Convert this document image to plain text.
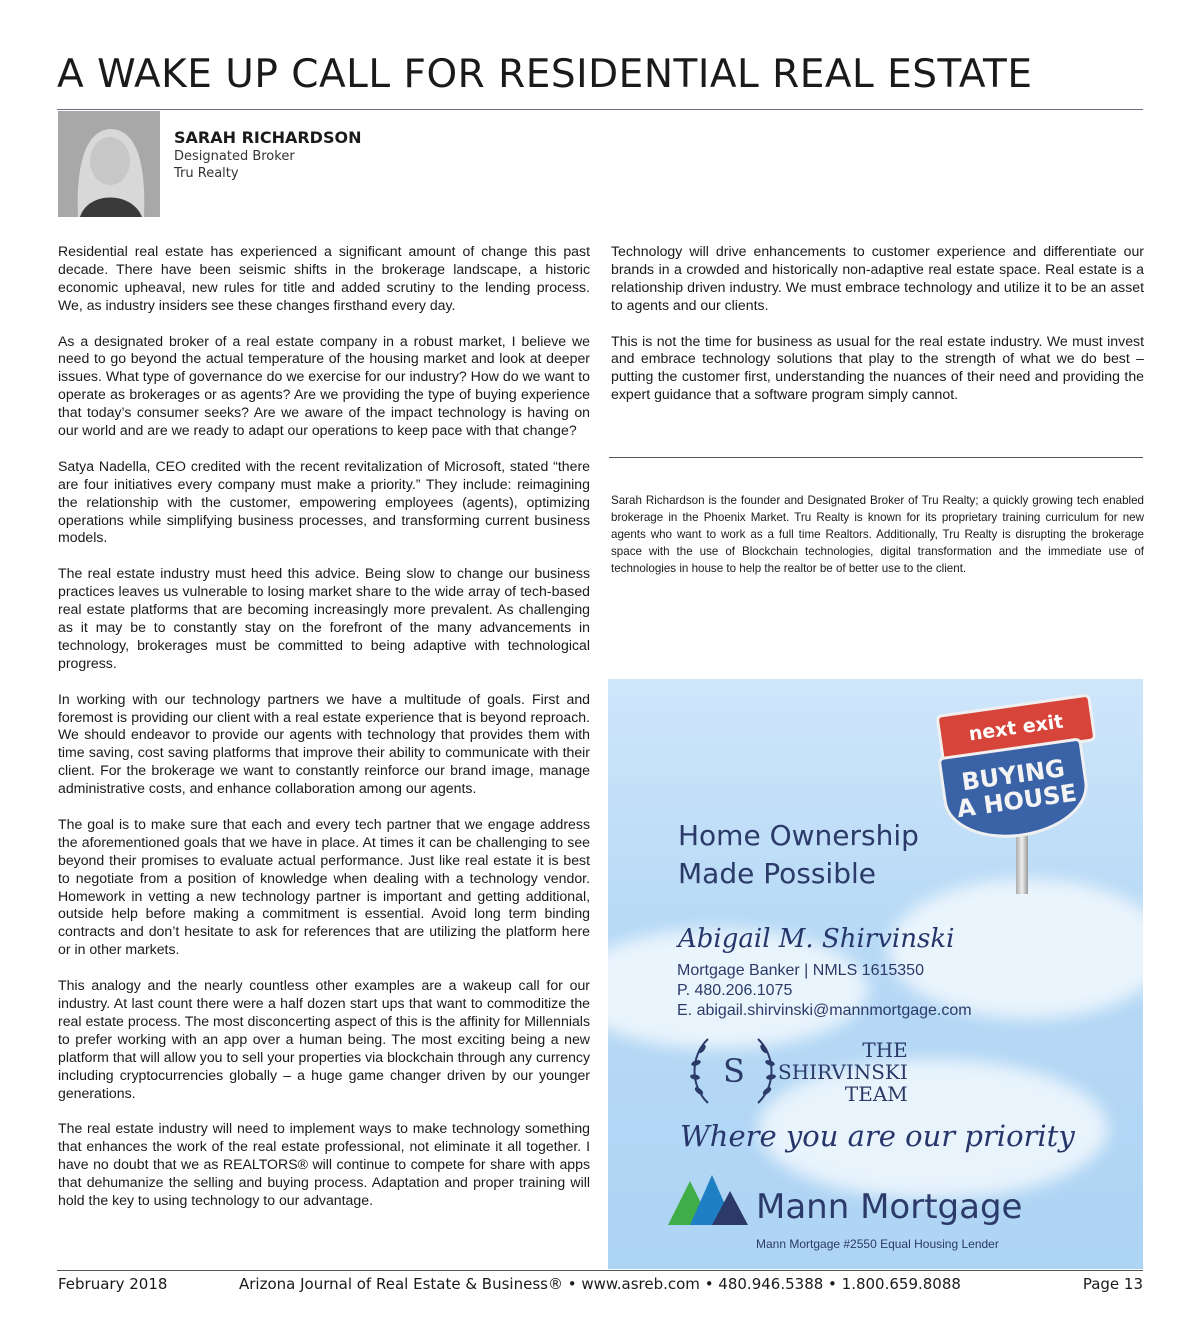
A WAKE UP CALL FOR RESIDENTIAL REAL ESTATE
SARAH RICHARDSON
Designated Broker
Tru Realty

Residential real estate has experienced a significant amount of change this past decade. There have been seismic shifts in the brokerage landscape, a historic economic upheaval, new rules for title and added scrutiny to the lending process. We, as industry insiders see these changes firsthand every day.

As a designated broker of a real estate company in a robust market, I believe we need to go beyond the actual temperature of the housing market and look at deeper issues. What type of governance do we exercise for our industry? How do we want to operate as brokerages or as agents? Are we providing the type of buying experience that today’s consumer seeks? Are we aware of the impact technology is having on our world and are we ready to adapt our operations to keep pace with that change?

Satya Nadella, CEO credited with the recent revitalization of Microsoft, stated “there are four initiatives every company must make a priority.” They include: reimagining the relationship with the customer, empowering employees (agents), optimizing operations while simplifying business processes, and transforming current business models.

The real estate industry must heed this advice. Being slow to change our business practices leaves us vulnerable to losing market share to the wide array of tech-based real estate platforms that are becoming increasingly more prevalent. As challenging as it may be to constantly stay on the forefront of the many advancements in technology, brokerages must be committed to being adaptive with technological progress.

In working with our technology partners we have a multitude of goals. First and foremost is providing our client with a real estate experience that is beyond reproach. We should endeavor to provide our agents with technology that provides them with time saving, cost saving platforms that improve their ability to communicate with their client. For the brokerage we want to constantly reinforce our brand image, manage administrative costs, and enhance collaboration among our agents.

The goal is to make sure that each and every tech partner that we engage address the aforementioned goals that we have in place. At times it can be challenging to see beyond their promises to evaluate actual performance. Just like real estate it is best to negotiate from a position of knowledge when dealing with a technology vendor. Homework in vetting a new technology partner is important and getting additional, outside help before making a commitment is essential. Avoid long term binding contracts and don’t hesitate to ask for references that are utilizing the platform here or in other markets.

This analogy and the nearly countless other examples are a wakeup call for our industry. At last count there were a half dozen start ups that want to commoditize the real estate process. The most disconcerting aspect of this is the affinity for Millennials to prefer working with an app over a human being. The most exciting being a new platform that will allow you to sell your properties via blockchain through any currency including cryptocurrencies globally – a huge game changer driven by our younger generations.

The real estate industry will need to implement ways to make technology something that enhances the work of the real estate professional, not eliminate it all together. I have no doubt that we as REALTORS® will continue to compete for share with apps that dehumanize the selling and buying process. Adaptation and proper training will hold the key to using technology to our advantage.

Technology will drive enhancements to customer experience and differentiate our brands in a crowded and historically non-adaptive real estate space. Real estate is a relationship driven industry. We must embrace technology and utilize it to be an asset to agents and our clients.

This is not the time for business as usual for the real estate industry. We must invest and embrace technology solutions that play to the strength of what we do best – putting the customer first, understanding the nuances of their need and providing the expert guidance that a software program simply cannot.

Sarah Richardson is the founder and Designated Broker of Tru Realty; a quickly growing tech enabled brokerage in the Phoenix Market. Tru Realty is known for its proprietary training curriculum for new agents who want to work as a full time Realtors. Additionally, Tru Realty is disrupting the brokerage space with the use of Blockchain technologies, digital transformation and the immediate use of technologies in house to help the realtor be of better use to the client.
next exit
BUYING
A HOUSE
Home Ownership
Made Possible
Abigail M. Shirvinski
Mortgage Banker | NMLS 1615350
P. 480.206.1075
E. abigail.shirvinski@mannmortgage.com
S
THE
SHIRVINSKI
TEAM
Where you are our priority
Mann Mortgage
Mann Mortgage #2550 Equal Housing Lender
February 2018	Arizona Journal of Real Estate & Business® • www.asreb.com • 480.946.5388 • 1.800.659.8088	Page 13
